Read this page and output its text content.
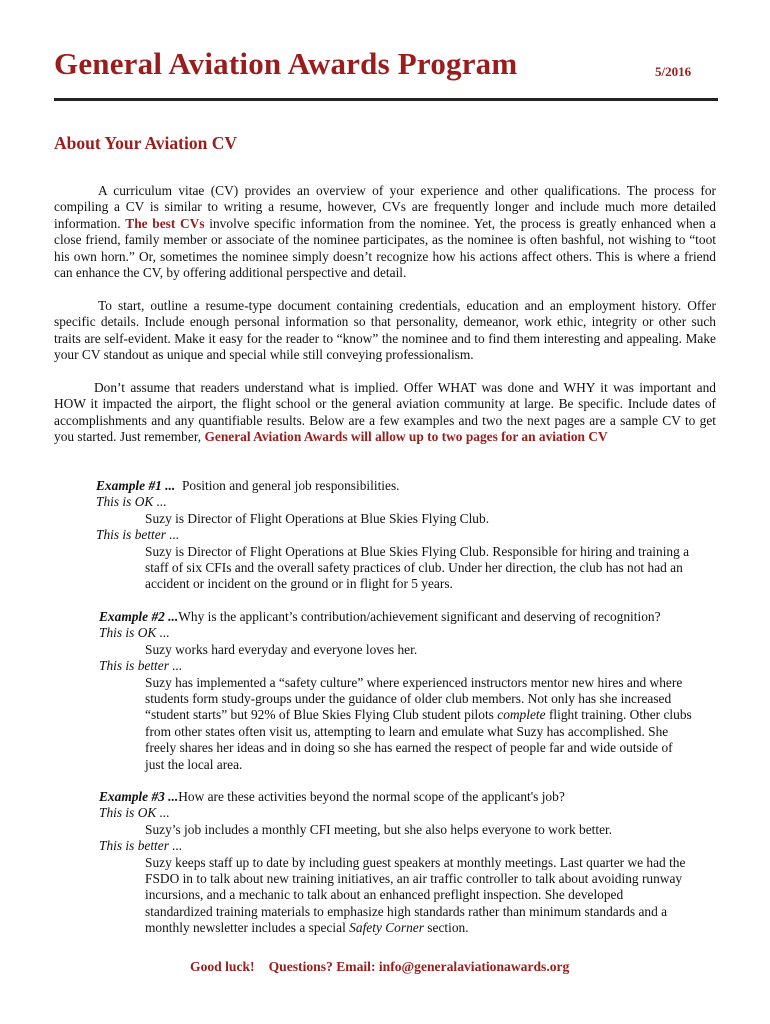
General Aviation Awards Program	5/2016
About Your Aviation CV
A curriculum vitae (CV) provides an overview of your experience and other qualifications. The process for compiling a CV is similar to writing a resume, however, CVs are frequently longer and include much more detailed information. The best CVs involve specific information from the nominee. Yet, the process is greatly enhanced when a close friend, family member or associate of the nominee participates, as the nominee is often bashful, not wishing to “toot his own horn.” Or, sometimes the nominee simply doesn’t recognize how his actions affect others. This is where a friend can enhance the CV, by offering additional perspective and detail.
To start, outline a resume-type document containing credentials, education and an employment history. Offer specific details. Include enough personal information so that personality, demeanor, work ethic, integrity or other such traits are self-evident. Make it easy for the reader to “know” the nominee and to find them interesting and appealing. Make your CV standout as unique and special while still conveying professionalism.
Don’t assume that readers understand what is implied. Offer WHAT was done and WHY it was important and HOW it impacted the airport, the flight school or the general aviation community at large. Be specific. Include dates of accomplishments and any quantifiable results. Below are a few examples and two the next pages are a sample CV to get you started. Just remember, General Aviation Awards will allow up to two pages for an aviation CV
Example #1 ... Position and general job responsibilities.
This is OK ...
Suzy is Director of Flight Operations at Blue Skies Flying Club.
This is better ...
Suzy is Director of Flight Operations at Blue Skies Flying Club. Responsible for hiring and training a staff of six CFIs and the overall safety practices of club. Under her direction, the club has not had an accident or incident on the ground or in flight for 5 years.
Example #2 ...Why is the applicant’s contribution/achievement significant and deserving of recognition?
This is OK ...
Suzy works hard everyday and everyone loves her.
This is better ...
Suzy has implemented a “safety culture” where experienced instructors mentor new hires and where students form study-groups under the guidance of older club members. Not only has she increased “student starts” but 92% of Blue Skies Flying Club student pilots complete flight training. Other clubs from other states often visit us, attempting to learn and emulate what Suzy has accomplished. She freely shares her ideas and in doing so she has earned the respect of people far and wide outside of just the local area.
Example #3 ...How are these activities beyond the normal scope of the applicant's job?
This is OK ...
Suzy’s job includes a monthly CFI meeting, but she also helps everyone to work better.
This is better ...
Suzy keeps staff up to date by including guest speakers at monthly meetings. Last quarter we had the FSDO in to talk about new training initiatives, an air traffic controller to talk about avoiding runway incursions, and a mechanic to talk about an enhanced preflight inspection. She developed standardized training materials to emphasize high standards rather than minimum standards and a monthly newsletter includes a special Safety Corner section.
Good luck! Questions? Email: info@generalaviationawards.org
